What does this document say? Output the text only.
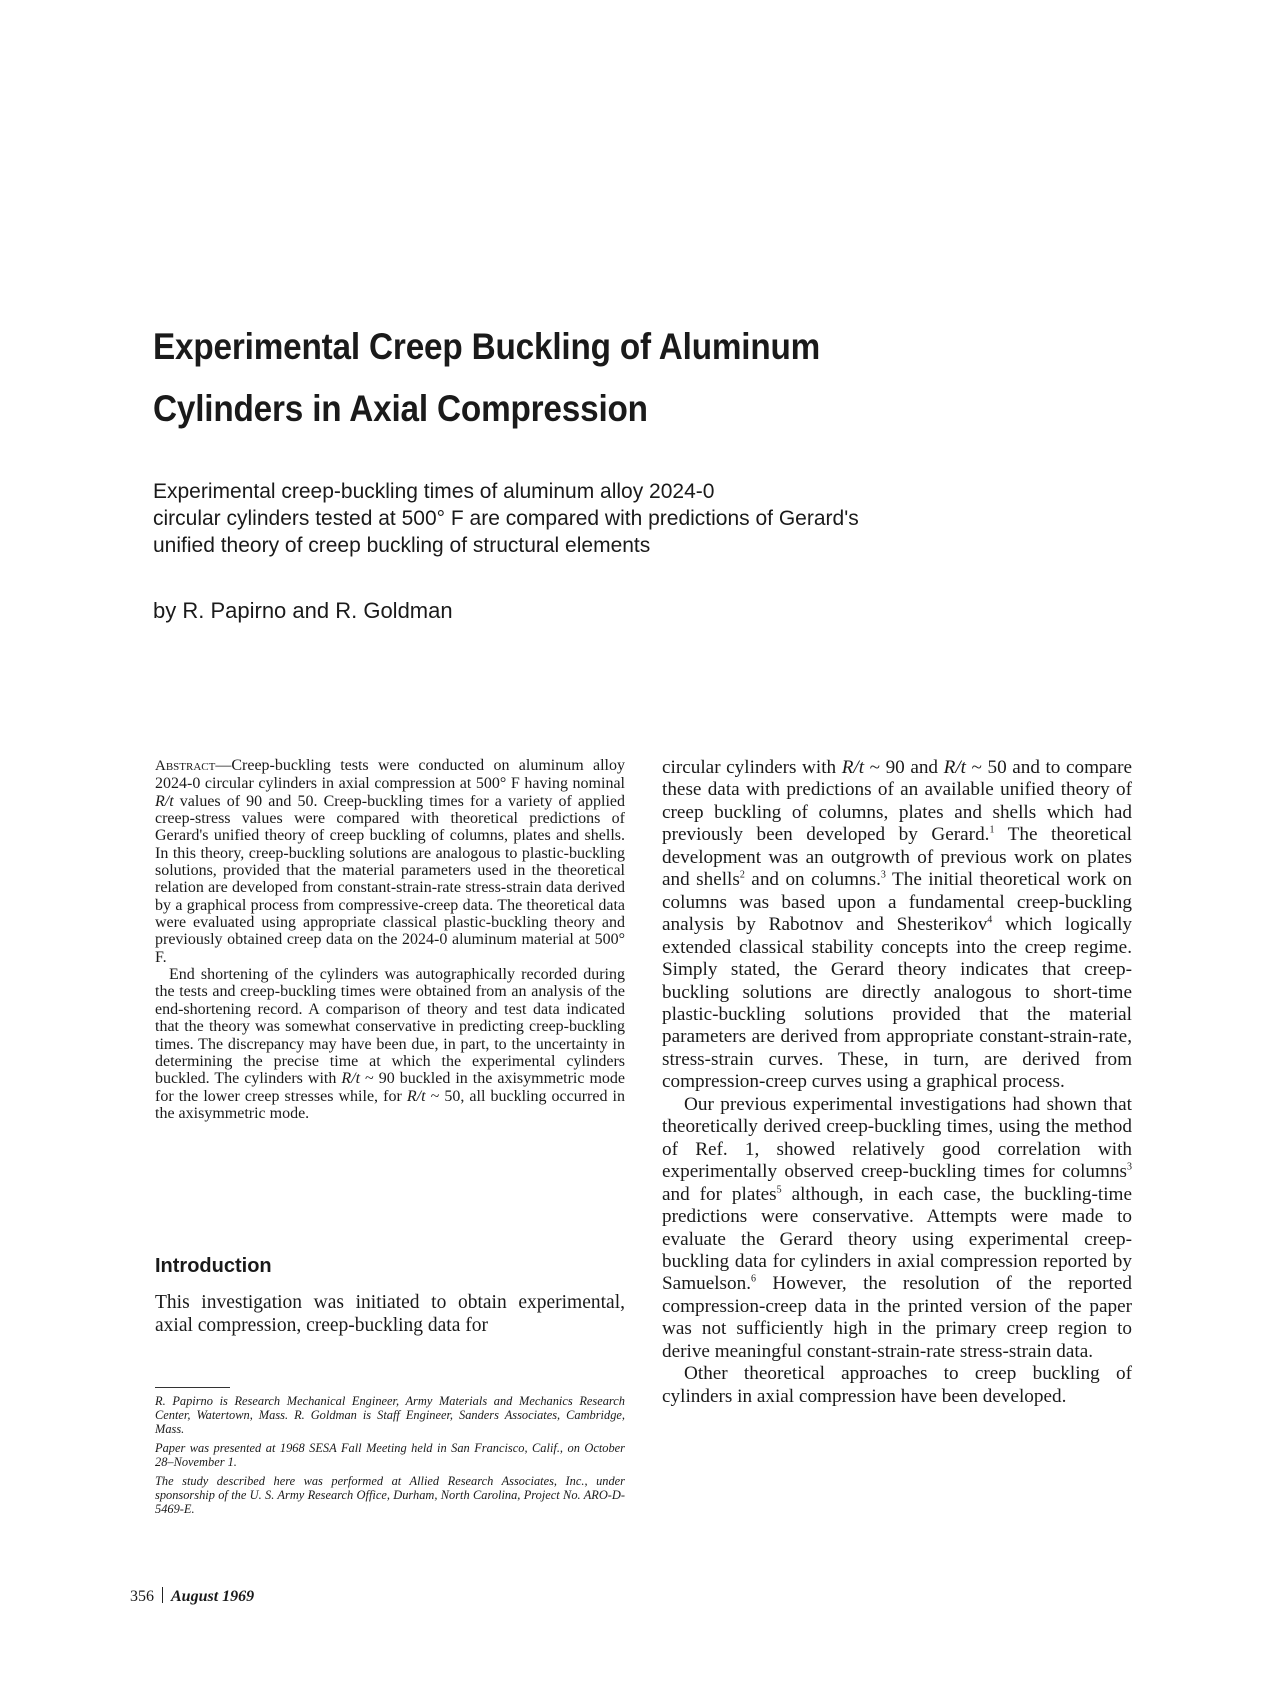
Experimental Creep Buckling of Aluminum
Cylinders in Axial Compression
Experimental creep-buckling times of aluminum alloy 2024-0
circular cylinders tested at 500° F are compared with predictions of Gerard's
unified theory of creep buckling of structural elements
by R. Papirno and R. Goldman

Abstract—Creep-buckling tests were conducted on aluminum alloy 2024-0 circular cylinders in axial compression at 500° F having nominal R/t values of 90 and 50. Creep-buckling times for a variety of applied creep-stress values were compared with theoretical predictions of Gerard's unified theory of creep buckling of columns, plates and shells. In this theory, creep-buckling solutions are analogous to plastic-buckling solutions, provided that the material parameters used in the theoretical relation are developed from constant-strain-rate stress-strain data derived by a graphical process from compressive-creep data. The theoretical data were evaluated using appropriate classical plastic-buckling theory and previously obtained creep data on the 2024-0 aluminum material at 500° F.

End shortening of the cylinders was autographically recorded during the tests and creep-buckling times were obtained from an analysis of the end-shortening record. A comparison of theory and test data indicated that the theory was somewhat conservative in predicting creep-buckling times. The discrepancy may have been due, in part, to the uncertainty in determining the precise time at which the experimental cylinders buckled. The cylinders with R/t ~ 90 buckled in the axisymmetric mode for the lower creep stresses while, for R/t ~ 50, all buckling occurred in the axisymmetric mode.

Introduction

This investigation was initiated to obtain experimental, axial compression, creep-buckling data for

R. Papirno is Research Mechanical Engineer, Army Materials and Mechanics Research Center, Watertown, Mass. R. Goldman is Staff Engineer, Sanders Associates, Cambridge, Mass.

Paper was presented at 1968 SESA Fall Meeting held in San Francisco, Calif., on October 28–November 1.

The study described here was performed at Allied Research Associates, Inc., under sponsorship of the U. S. Army Research Office, Durham, North Carolina, Project No. ARO-D-5469-E.

circular cylinders with R/t ~ 90 and R/t ~ 50 and to compare these data with predictions of an available unified theory of creep buckling of columns, plates and shells which had previously been developed by Gerard.$^1$ The theoretical development was an outgrowth of previous work on plates and shells$^2$ and on columns.$^3$ The initial theoretical work on columns was based upon a fundamental creep-buckling analysis by Rabotnov and Shesterikov$^4$ which logically extended classical stability concepts into the creep regime. Simply stated, the Gerard theory indicates that creep-buckling solutions are directly analogous to short-time plastic-buckling solutions provided that the material parameters are derived from appropriate constant-strain-rate, stress-strain curves. These, in turn, are derived from compression-creep curves using a graphical process.

Our previous experimental investigations had shown that theoretically derived creep-buckling times, using the method of Ref. 1, showed relatively good correlation with experimentally observed creep-buckling times for columns$^3$ and for plates$^5$ although, in each case, the buckling-time predictions were conservative. Attempts were made to evaluate the Gerard theory using experimental creep-buckling data for cylinders in axial compression reported by Samuelson.$^6$ However, the resolution of the reported compression-creep data in the printed version of the paper was not sufficiently high in the primary creep region to derive meaningful constant-strain-rate stress-strain data.

Other theoretical approaches to creep buckling of cylinders in axial compression have been developed.

356 August 1969
